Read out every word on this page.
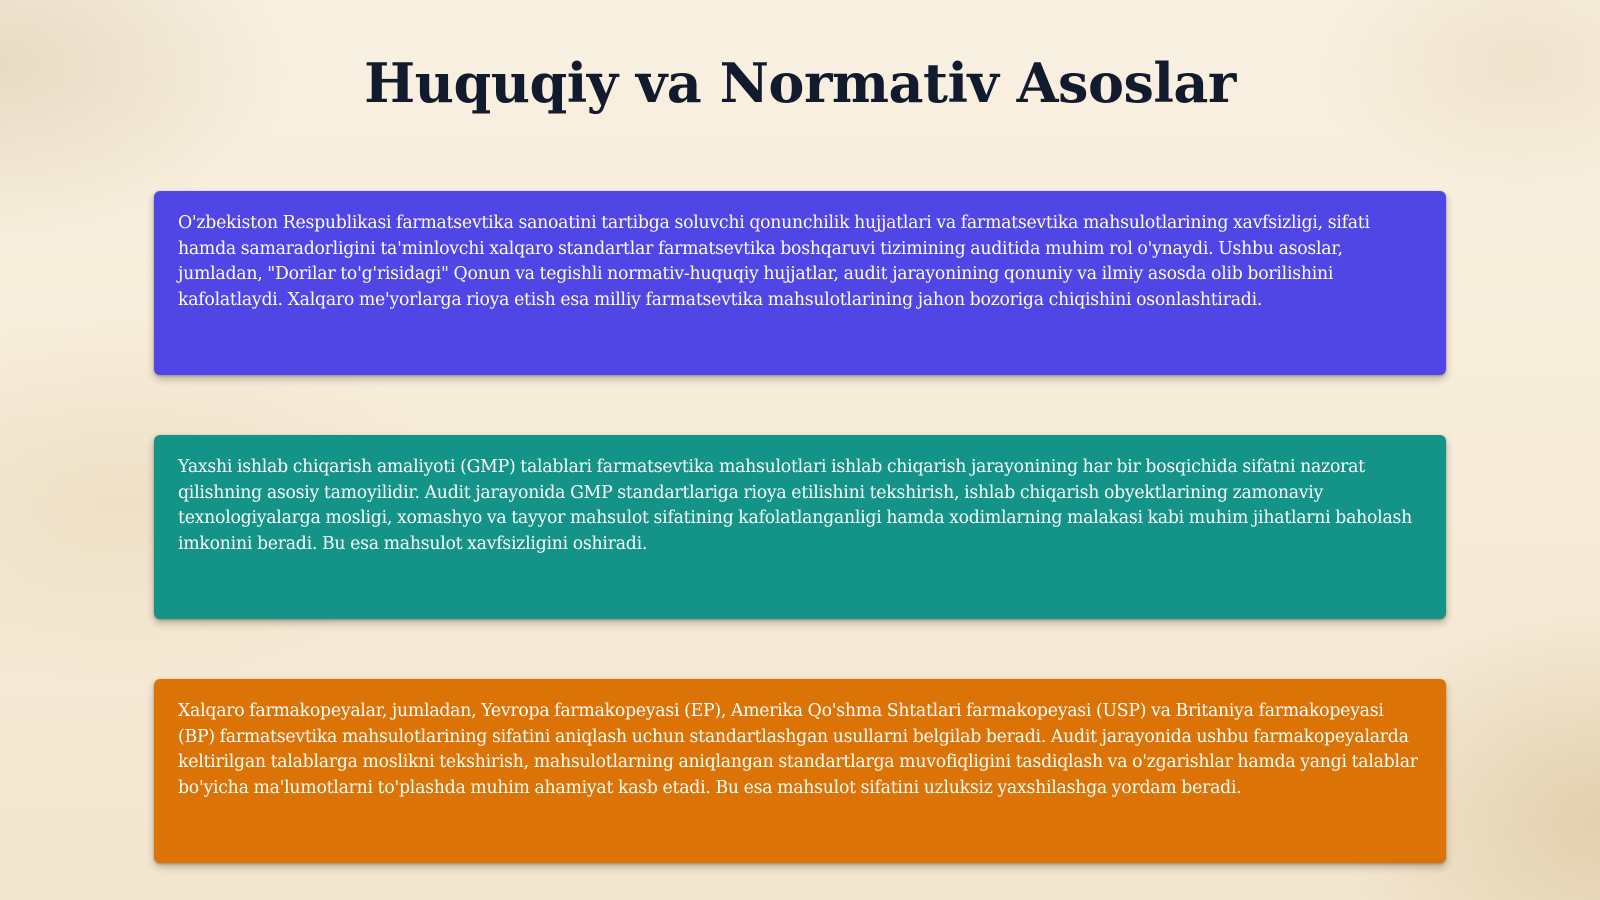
Huquqiy va Normativ Asoslar

O'zbekiston Respublikasi farmatsevtika sanoatini tartibga soluvchi qonunchilik hujjatlari va farmatsevtika mahsulotlarining xavfsizligi, sifati hamda samaradorligini ta'minlovchi xalqaro standartlar farmatsevtika boshqaruvi tizimining auditida muhim rol o'ynaydi. Ushbu asoslar, jumladan, "Dorilar to'g'risidagi" Qonun va tegishli normativ-huquqiy hujjatlar, audit jarayonining qonuniy va ilmiy asosda olib borilishini kafolatlaydi. Xalqaro me'yorlarga rioya etish esa milliy farmatsevtika mahsulotlarining jahon bozoriga chiqishini osonlashtiradi.

Yaxshi ishlab chiqarish amaliyoti (GMP) talablari farmatsevtika mahsulotlari ishlab chiqarish jarayonining har bir bosqichida sifatni nazorat qilishning asosiy tamoyilidir. Audit jarayonida GMP standartlariga rioya etilishini tekshirish, ishlab chiqarish obyektlarining zamonaviy texnologiyalarga mosligi, xomashyo va tayyor mahsulot sifatining kafolatlanganligi hamda xodimlarning malakasi kabi muhim jihatlarni baholash imkonini beradi. Bu esa mahsulot xavfsizligini oshiradi.

Xalqaro farmakopeyalar, jumladan, Yevropa farmakopeyasi (EP), Amerika Qo'shma Shtatlari farmakopeyasi (USP) va Britaniya farmakopeyasi (BP) farmatsevtika mahsulotlarining sifatini aniqlash uchun standartlashgan usullarni belgilab beradi. Audit jarayonida ushbu farmakopeyalarda keltirilgan talablarga moslikni tekshirish, mahsulotlarning aniqlangan standartlarga muvofiqligini tasdiqlash va o'zgarishlar hamda yangi talablar bo'yicha ma'lumotlarni to'plashda muhim ahamiyat kasb etadi. Bu esa mahsulot sifatini uzluksiz yaxshilashga yordam beradi.
